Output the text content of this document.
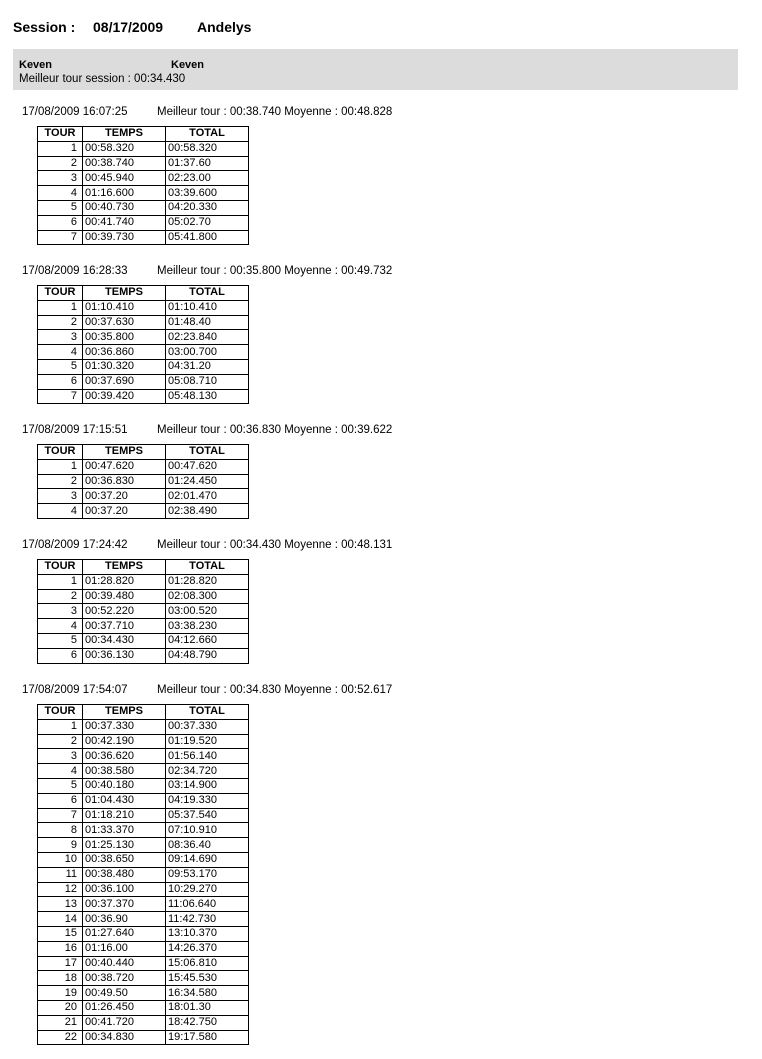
Session : 08/17/2009 Andelys
Keven	Keven
Meilleur tour session : 00:34.430
17/08/2009 16:07:25	Meilleur tour : 00:38.740 Moyenne : 00:48.828
TOUR	TEMPS	TOTAL
1	00:58.320	00:58.320
2	00:38.740	01:37.60
3	00:45.940	02:23.00
4	01:16.600	03:39.600
5	00:40.730	04:20.330
6	00:41.740	05:02.70
7	00:39.730	05:41.800
17/08/2009 16:28:33	Meilleur tour : 00:35.800 Moyenne : 00:49.732
TOUR	TEMPS	TOTAL
1	01:10.410	01:10.410
2	00:37.630	01:48.40
3	00:35.800	02:23.840
4	00:36.860	03:00.700
5	01:30.320	04:31.20
6	00:37.690	05:08.710
7	00:39.420	05:48.130
17/08/2009 17:15:51	Meilleur tour : 00:36.830 Moyenne : 00:39.622
TOUR	TEMPS	TOTAL
1	00:47.620	00:47.620
2	00:36.830	01:24.450
3	00:37.20	02:01.470
4	00:37.20	02:38.490
17/08/2009 17:24:42	Meilleur tour : 00:34.430 Moyenne : 00:48.131
TOUR	TEMPS	TOTAL
1	01:28.820	01:28.820
2	00:39.480	02:08.300
3	00:52.220	03:00.520
4	00:37.710	03:38.230
5	00:34.430	04:12.660
6	00:36.130	04:48.790
17/08/2009 17:54:07	Meilleur tour : 00:34.830 Moyenne : 00:52.617
TOUR	TEMPS	TOTAL
1	00:37.330	00:37.330
2	00:42.190	01:19.520
3	00:36.620	01:56.140
4	00:38.580	02:34.720
5	00:40.180	03:14.900
6	01:04.430	04:19.330
7	01:18.210	05:37.540
8	01:33.370	07:10.910
9	01:25.130	08:36.40
10	00:38.650	09:14.690
11	00:38.480	09:53.170
12	00:36.100	10:29.270
13	00:37.370	11:06.640
14	00:36.90	11:42.730
15	01:27.640	13:10.370
16	01:16.00	14:26.370
17	00:40.440	15:06.810
18	00:38.720	15:45.530
19	00:49.50	16:34.580
20	01:26.450	18:01.30
21	00:41.720	18:42.750
22	00:34.830	19:17.580
